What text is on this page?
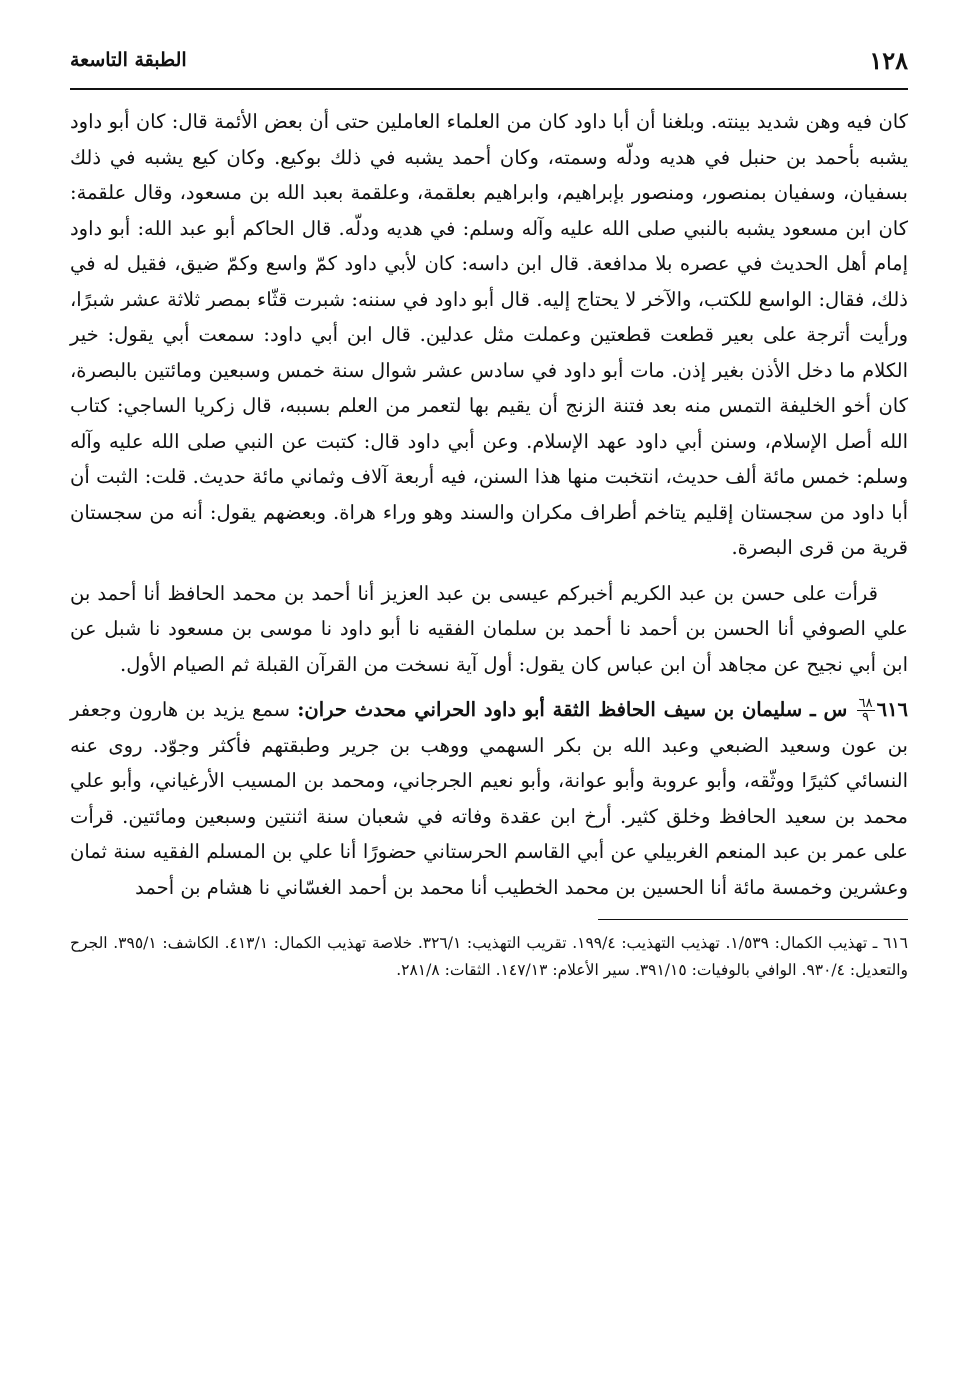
١٢٨
الطبقة التاسعة

كان فيه وهن شديد بينته. وبلغنا أن أبا داود كان من العلماء العاملين حتى أن بعض الأئمة قال: كان أبو داود يشبه بأحمد بن حنبل في هديه ودلّه وسمته، وكان أحمد يشبه في ذلك بوكيع. وكان كيع يشبه في ذلك بسفيان، وسفيان بمنصور، ومنصور بإبراهيم، وابراهيم بعلقمة، وعلقمة بعبد الله بن مسعود، وقال علقمة: كان ابن مسعود يشبه بالنبي صلى الله عليه وآله وسلم: في هديه ودلّه. قال الحاكم أبو عبد الله: أبو داود إمام أهل الحديث في عصره بلا مدافعة. قال ابن داسه: كان لأبي داود كمّ واسع وكمّ ضيق، فقيل له في ذلك، فقال: الواسع للكتب، والآخر لا يحتاج إليه. قال أبو داود في سننه: شبرت قثّاء بمصر ثلاثة عشر شبرًا، ورأيت أترجة على بعير قطعت قطعتين وعملت مثل عدلين. قال ابن أبي داود: سمعت أبي يقول: خير الكلام ما دخل الأذن بغير إذن. مات أبو داود في سادس عشر شوال سنة خمس وسبعين ومائتين بالبصرة، كان أخو الخليفة التمس منه بعد فتنة الزنج أن يقيم بها لتعمر من العلم بسببه، قال زكريا الساجي: كتاب الله أصل الإسلام، وسنن أبي داود عهد الإسلام. وعن أبي داود قال: كتبت عن النبي صلى الله عليه وآله وسلم: خمس مائة ألف حديث، انتخبت منها هذا السنن، فيه أربعة آلاف وثماني مائة حديث. قلت: الثبت أن أبا داود من سجستان إقليم يتاخم أطراف مكران والسند وهو وراء هراة. وبعضهم يقول: أنه من سجستان قرية من قرى البصرة.

قرأت على حسن بن عبد الكريم أخبركم عيسى بن عبد العزيز أنا أحمد بن محمد الحافظ أنا أحمد بن علي الصوفي أنا الحسن بن أحمد نا أحمد بن سلمان الفقيه نا أبو داود نا موسى بن مسعود نا شبل عن ابن أبي نجيح عن مجاهد أن ابن عباس كان يقول: أول آية نسخت من القرآن القبلة ثم الصيام الأول.

٦١٦
$\frac{٦٨}{٩}$
س ـ سليمان بن سيف الحافظ الثقة أبو داود الحراني محدث حران: سمع يزيد بن هارون وجعفر بن عون وسعيد الضبعي وعبد الله بن بكر السهمي ووهب بن جرير وطبقتهم فأكثر وجوّد. روى عنه النسائي كثيرًا ووثّقه، وأبو عروبة وأبو عوانة، وأبو نعيم الجرجاني، ومحمد بن المسيب الأرغياني، وأبو علي محمد بن سعيد الحافظ وخلق كثير. أرخ ابن عقدة وفاته في شعبان سنة اثنتين وسبعين ومائتين. قرأت على عمر بن عبد المنعم الغربيلي عن أبي القاسم الحرستاني حضورًا أنا علي بن المسلم الفقيه سنة ثمان وعشرين وخمسة مائة أنا الحسين بن محمد الخطيب أنا محمد بن أحمد الغسّاني نا هشام بن أحمد

٦١٦ ـ تهذيب الكمال: ١/٥٣٩. تهذيب التهذيب: ١٩٩/٤. تقريب التهذيب: ٣٢٦/١. خلاصة تهذيب الكمال: ٤١٣/١. الكاشف: ٣٩٥/١. الجرح والتعديل: ٩٣٠/٤. الوافي بالوفيات: ٣٩١/١٥. سير الأعلام: ١٤٧/١٣. الثقات: ٢٨١/٨.
